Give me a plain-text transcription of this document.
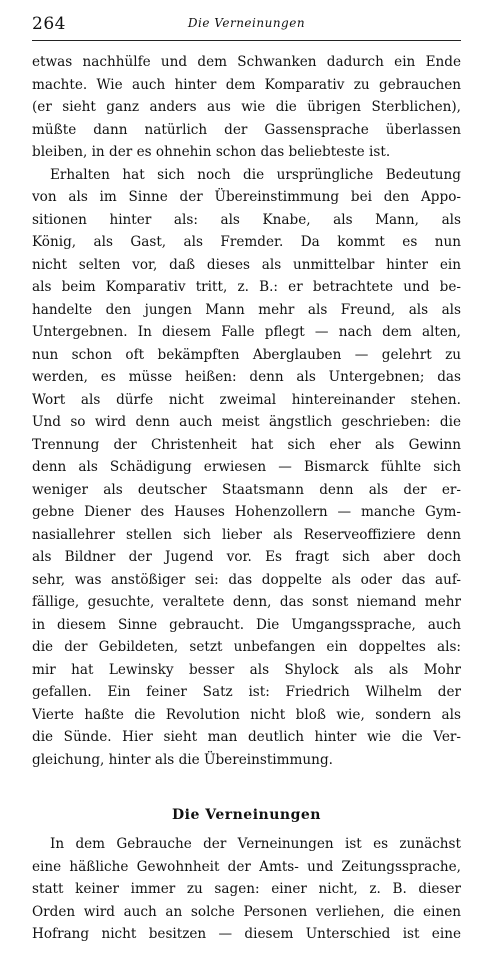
264	Die Verneinungen
etwas nachhülfe und dem Schwanken dadurch ein Ende
machte. Wie auch hinter dem Komparativ zu gebrauchen
(er sieht ganz anders aus wie die übrigen Sterblichen),
müßte dann natürlich der Gassensprache überlassen
bleiben, in der es ohnehin schon das beliebteste ist.
Erhalten hat sich noch die ursprüngliche Bedeutung
von als im Sinne der Übereinstimmung bei den Appo-
sitionen hinter als: als Knabe, als Mann, als
König, als Gast, als Fremder. Da kommt es nun
nicht selten vor, daß dieses als unmittelbar hinter ein
als beim Komparativ tritt, z. B.: er betrachtete und be-
handelte den jungen Mann mehr als Freund, als als
Untergebnen. In diesem Falle pflegt — nach dem alten,
nun schon oft bekämpften Aberglauben — gelehrt zu
werden, es müsse heißen: denn als Untergebnen; das
Wort als dürfe nicht zweimal hintereinander stehen.
Und so wird denn auch meist ängstlich geschrieben: die
Trennung der Christenheit hat sich eher als Gewinn
denn als Schädigung erwiesen — Bismarck fühlte sich
weniger als deutscher Staatsmann denn als der er-
gebne Diener des Hauses Hohenzollern — manche Gym-
nasiallehrer stellen sich lieber als Reserveoffiziere denn
als Bildner der Jugend vor. Es fragt sich aber doch
sehr, was anstößiger sei: das doppelte als oder das auf-
fällige, gesuchte, veraltete denn, das sonst niemand mehr
in diesem Sinne gebraucht. Die Umgangssprache, auch
die der Gebildeten, setzt unbefangen ein doppeltes als:
mir hat Lewinsky besser als Shylock als als Mohr
gefallen. Ein feiner Satz ist: Friedrich Wilhelm der
Vierte haßte die Revolution nicht bloß wie, sondern als
die Sünde. Hier sieht man deutlich hinter wie die Ver-
gleichung, hinter als die Übereinstimmung.
Die Verneinungen
In dem Gebrauche der Verneinungen ist es zunächst
eine häßliche Gewohnheit der Amts- und Zeitungssprache,
statt keiner immer zu sagen: einer nicht, z. B. dieser
Orden wird auch an solche Personen verliehen, die einen
Hofrang nicht besitzen — diesem Unterschied ist eine
